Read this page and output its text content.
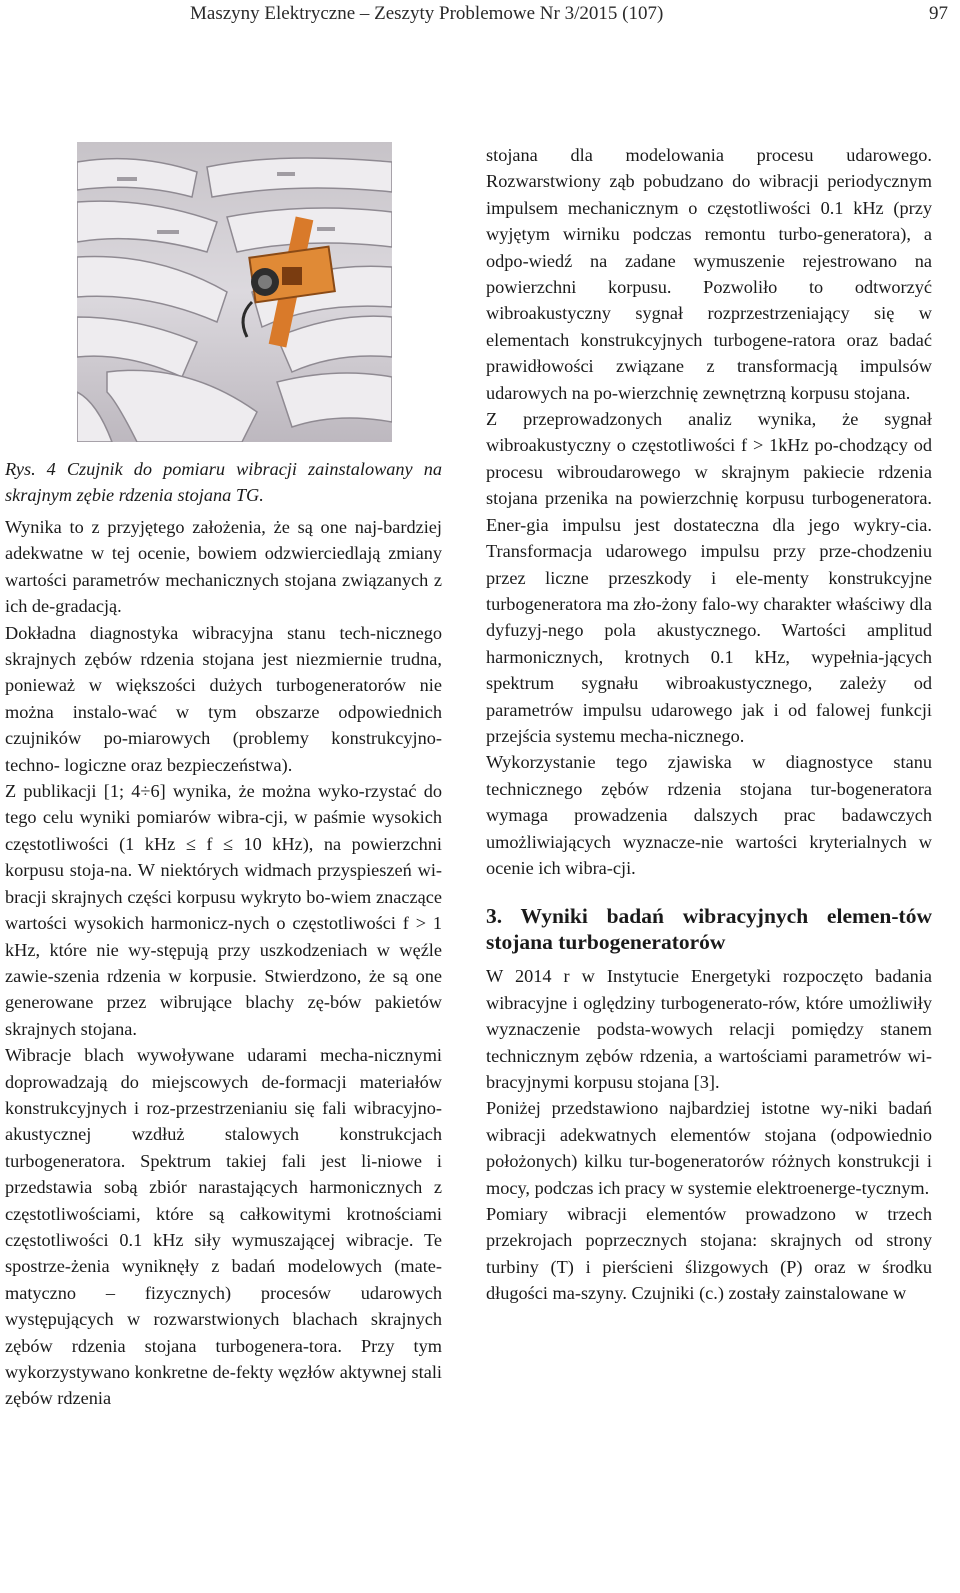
Maszyny Elektryczne – Zeszyty Problemowe Nr 3/2015 (107)	97
Rys. 4 Czujnik do pomiaru wibracji zainstalowany na skrajnym zębie rdzenia stojana TG.

Wynika to z przyjętego założenia, że są one naj-bardziej adekwatne w tej ocenie, bowiem odzwierciedlają zmiany wartości parametrów mechanicznych stojana związanych z ich de-gradacją.

Dokładna diagnostyka wibracyjna stanu tech-nicznego skrajnych zębów rdzenia stojana jest niezmiernie trudna, ponieważ w większości dużych turbogeneratorów nie można instalo-wać w tym obszarze odpowiednich czujników po-miarowych (problemy konstrukcyjno-techno- logiczne oraz bezpieczeństwa).

Z publikacji [1; 4÷6] wynika, że można wyko-rzystać do tego celu wyniki pomiarów wibra-cji, w paśmie wysokich częstotliwości (1 kHz ≤ f ≤ 10 kHz), na powierzchni korpusu stoja-na. W niektórych widmach przyspieszeń wi-bracji skrajnych części korpusu wykryto bo-wiem znaczące wartości wysokich harmonicz-nych o częstotliwości f > 1 kHz, które nie wy-stępują przy uszkodzeniach w węźle zawie-szenia rdzenia w korpusie. Stwierdzono, że są one generowane przez wibrujące blachy zę-bów pakietów skrajnych stojana.

Wibracje blach wywoływane udarami mecha-nicznymi doprowadzają do miejscowych de-formacji materiałów konstrukcyjnych i roz-przestrzenianiu się fali wibracyjno-akustycznej wzdłuż stalowych konstrukcjach turbogeneratora. Spektrum takiej fali jest li-niowe i przedstawia sobą zbiór narastających harmonicznych z częstotliwościami, które są całkowitymi krotnościami częstotliwości 0.1 kHz siły wymuszającej wibracje. Te spostrze-żenia wyniknęły z badań modelowych (mate-matyczno – fizycznych) procesów udarowych występujących w rozwarstwionych blachach skrajnych zębów rdzenia stojana turbogenera-tora. Przy tym wykorzystywano konkretne de-fekty węzłów aktywnej stali zębów rdzenia

stojana dla modelowania procesu udarowego. Rozwarstwiony ząb pobudzano do wibracji periodycznym impulsem mechanicznym o częstotliwości 0.1 kHz (przy wyjętym wirniku podczas remontu turbo-generatora), a odpo-wiedź na zadane wymuszenie rejestrowano na powierzchni korpusu. Pozwoliło to odtworzyć wibroakustyczny sygnał rozprzestrzeniający się w elementach konstrukcyjnych turbogene-ratora oraz badać prawidłowości związane z transformacją impulsów udarowych na po-wierzchnię zewnętrzną korpusu stojana.

Z przeprowadzonych analiz wynika, że sygnał wibroakustyczny o częstotliwości f > 1kHz po-chodzący od procesu wibroudarowego w skrajnym pakiecie rdzenia stojana przenika na powierzchnię korpusu turbogeneratora. Ener-gia impulsu jest dostateczna dla jego wykry-cia. Transformacja udarowego impulsu przy prze-chodzeniu przez liczne przeszkody i ele-menty konstrukcyjne turbogeneratora ma zło-żony falo-wy charakter właściwy dla dyfuzyj-nego pola akustycznego. Wartości amplitud harmonicznych, krotnych 0.1 kHz, wypełnia-jących spektrum sygnału wibroakustycznego, zależy od parametrów impulsu udarowego jak i od falowej funkcji przejścia systemu mecha-nicznego.

Wykorzystanie tego zjawiska w diagnostyce stanu technicznego zębów rdzenia stojana tur-bogeneratora wymaga prowadzenia dalszych prac badawczych umożliwiających wyznacze-nie wartości kryterialnych w ocenie ich wibra-cji.

3. Wyniki badań wibracyjnych elemen-tów stojana turbogeneratorów

W 2014 r w Instytucie Energetyki rozpoczęto badania wibracyjne i oględziny turbogenerato-rów, które umożliwiły wyznaczenie podsta-wowych relacji pomiędzy stanem technicznym zębów rdzenia, a wartościami parametrów wi-bracyjnymi korpusu stojana [3].

Poniżej przedstawiono najbardziej istotne wy-niki badań wibracji adekwatnych elementów stojana (odpowiednio położonych) kilku tur-bogeneratorów różnych konstrukcji i mocy, podczas ich pracy w systemie elektroenerge-tycznym.

Pomiary wibracji elementów prowadzono w trzech przekrojach poprzecznych stojana: skrajnych od strony turbiny (T) i pierścieni ślizgowych (P) oraz w środku długości ma-szyny. Czujniki (c.) zostały zainstalowane w
